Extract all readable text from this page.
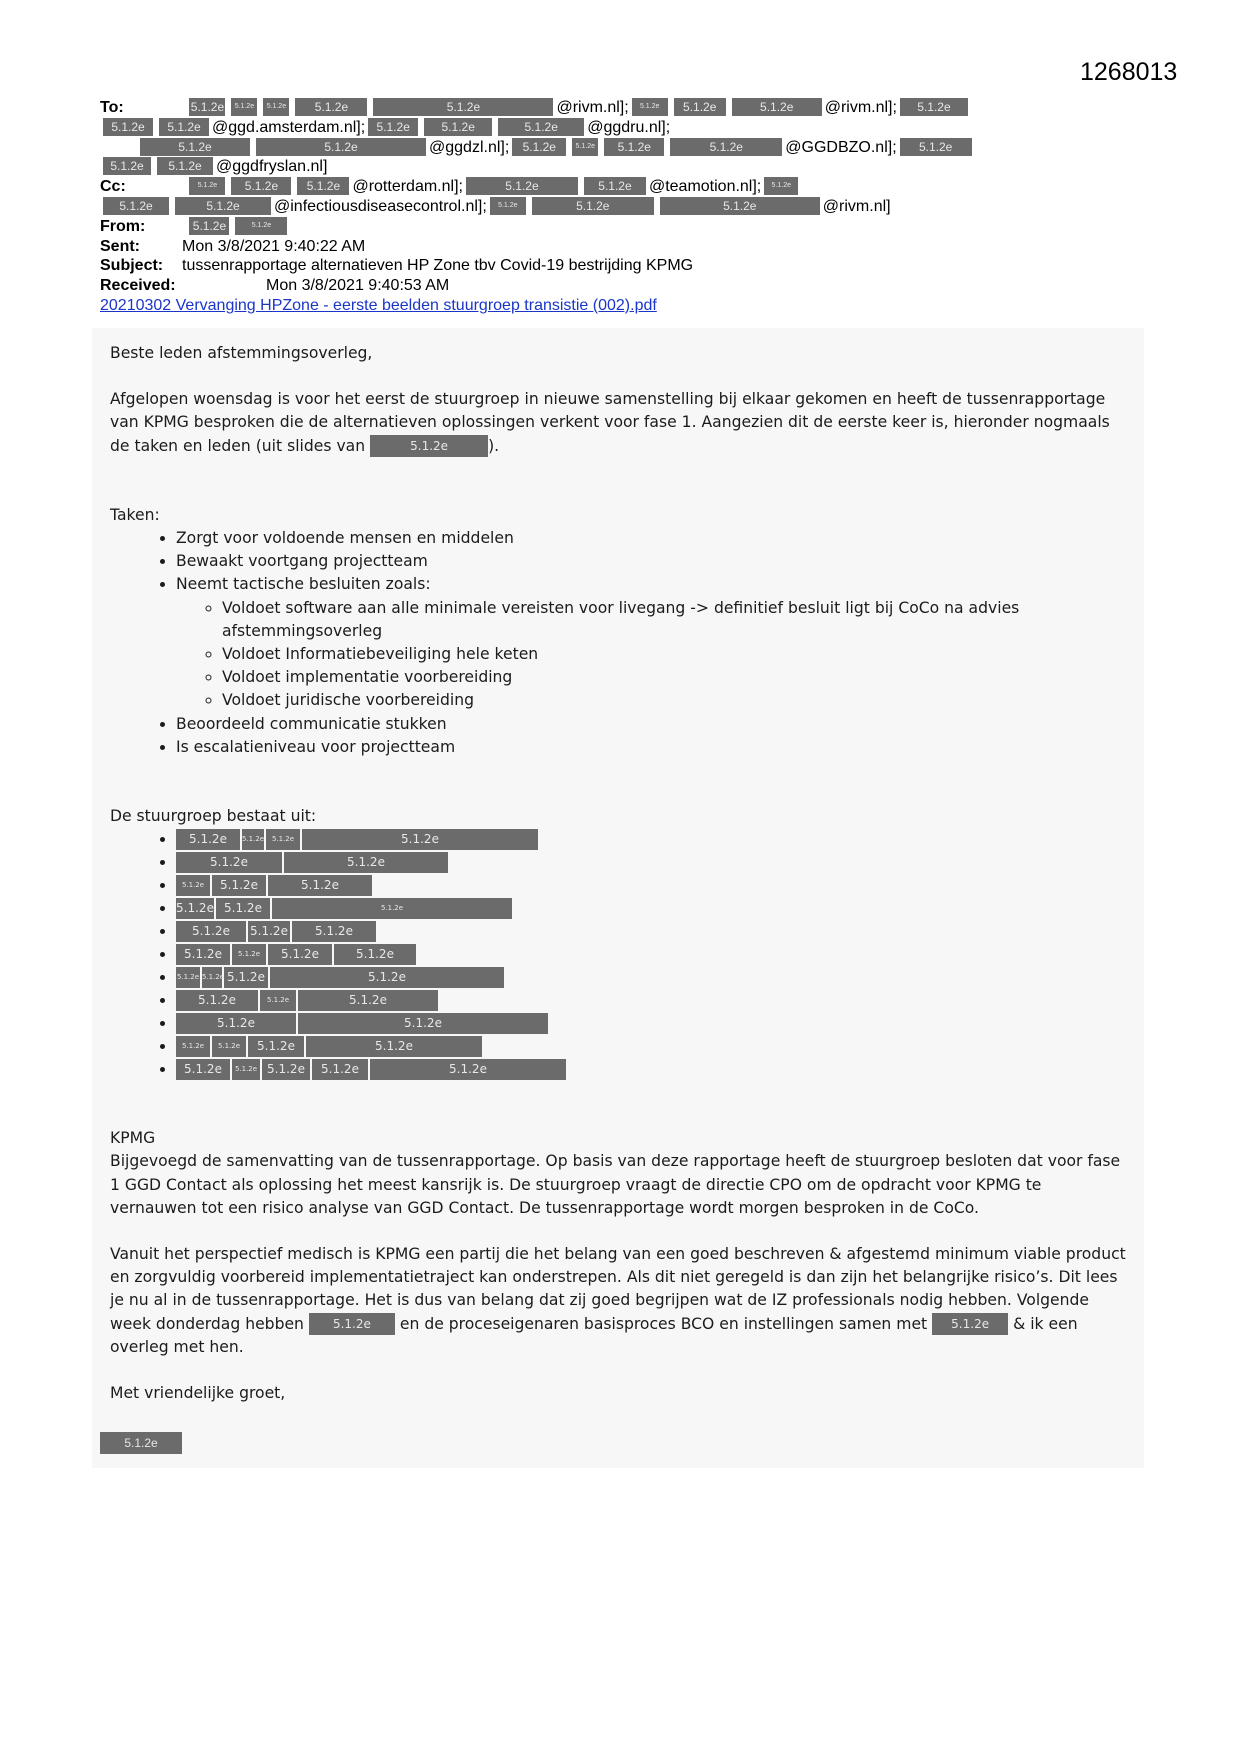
1268013
To:	5.1.2e 5.1.2e 5.1.2e 5.1.2e	5.1.2e	@rivm.nl]; 5.1.2e 5.1.2e	5.1.2e @rivm.nl]; 5.1.2e
5.1.2e 5.1.2e @ggd.amsterdam.nl]; 5.1.2e	5.1.2e	5.1.2e @ggdru.nl];
5.1.2e	5.1.2e	@ggdzl.nl]; 5.1.2e	5.1.2e 5.1.2e	5.1.2e	@GGDBZO.nl]; 5.1.2e
5.1.2e 5.1.2e @ggdfryslan.nl]
Cc:	5.1.2e 5.1.2e 5.1.2e @rotterdam.nl];	5.1.2e	5.1.2e @teamotion.nl]; 5.1.2e
5.1.2e	5.1.2e @infectiousdiseasecontrol.nl]; 5.1.2e	5.1.2e	5.1.2e	@rivm.nl]
From:	5.1.2e	5.1.2e
Sent:	Mon 3/8/2021 9:40:22 AM
Subject: tussenrapportage alternatieven HP Zone tbv Covid-19 bestrijding KPMG
Received:	Mon 3/8/2021 9:40:53 AM
20210302 Vervanging HPZone - eerste beelden stuurgroep transistie (002).pdf

Beste leden afstemmingsoverleg,

Afgelopen woensdag is voor het eerst de stuurgroep in nieuwe samenstelling bij elkaar gekomen en heeft de tussenrapportage van KPMG besproken die de alternatieven oplossingen verkent voor fase 1. Aangezien dit de eerste keer is, hieronder nogmaals de taken en leden (uit slides van	5.1.2e	).

Taken:

• Zorgt voor voldoende mensen en middelen
• Bewaakt voortgang projectteam
• Neemt tactische besluiten zoals:
◦ Voldoet software aan alle minimale vereisten voor livegang -> definitief besluit ligt bij CoCo na advies afstemmingsoverleg
◦ Voldoet Informatiebeveiliging hele keten
◦ Voldoet implementatie voorbereiding
◦ Voldoet juridische voorbereiding
• Beoordeeld communicatie stukken
• Is escalatieniveau voor projectteam

De stuurgroep bestaat uit:

• 5.1.2e 5.1.2e 5.1.2e	5.1.2e
• 5.1.2e	5.1.2e
• 5.1.2e 5.1.2e	5.1.2e
• 5.1.2e 5.1.2e	5.1.2e
• 5.1.2e 5.1.2e 5.1.2e
• 5.1.2e 5.1.2e 5.1.2e	5.1.2e
• 5.1.2e 5.1.2e 5.1.2e	5.1.2e
• 5.1.2e	5.1.2e	5.1.2e
• 5.1.2e	5.1.2e
• 5.1.2e 5.1.2e 5.1.2e	5.1.2e
• 5.1.2e 5.1.2e 5.1.2e 5.1.2e	5.1.2e

KPMG

Bijgevoegd de samenvatting van de tussenrapportage. Op basis van deze rapportage heeft de stuurgroep besloten dat voor fase 1 GGD Contact als oplossing het meest kansrijk is. De stuurgroep vraagt de directie CPO om de opdracht voor KPMG te vernauwen tot een risico analyse van GGD Contact. De tussenrapportage wordt morgen besproken in de CoCo.

Vanuit het perspectief medisch is KPMG een partij die het belang van een goed beschreven & afgestemd minimum viable product en zorgvuldig voorbereid implementatietraject kan onderstrepen. Als dit niet geregeld is dan zijn het belangrijke risico’s. Dit lees je nu al in de tussenrapportage. Het is dus van belang dat zij goed begrijpen wat de IZ professionals nodig hebben. Volgende week donderdag hebben 5.1.2e en de proceseigenaren basisproces BCO en instellingen samen met 5.1.2e & ik een overleg met hen.

Met vriendelijke groet,

5.1.2e
